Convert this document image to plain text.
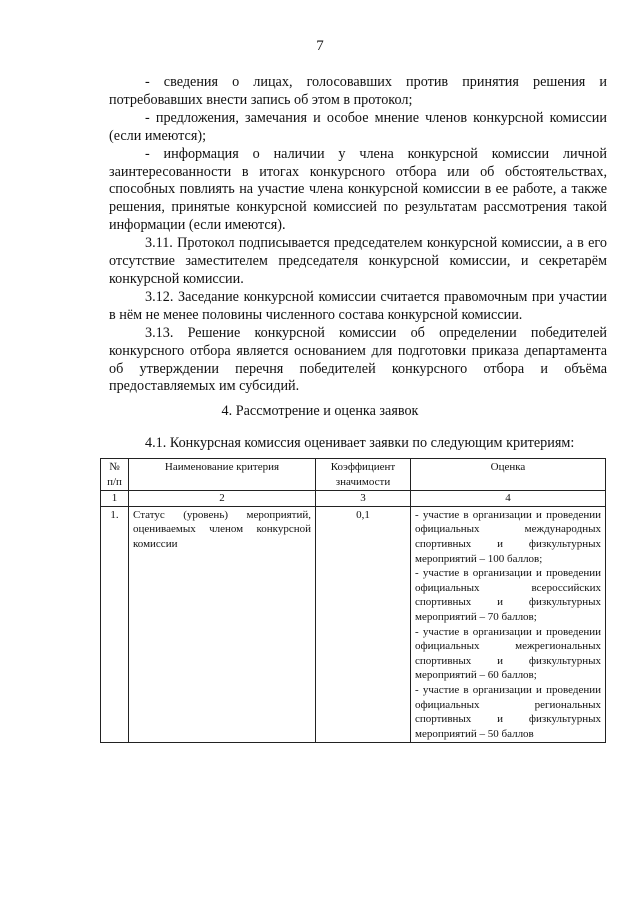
7

- сведения о лицах, голосовавших против принятия решения и потребовавших внести запись об этом в протокол;

- предложения, замечания и особое мнение членов конкурсной комиссии (если имеются);

- информация о наличии у члена конкурсной комиссии личной заинтересованности в итогах конкурсного отбора или об обстоятельствах, способных повлиять на участие члена конкурсной комиссии в ее работе, а также решения, принятые конкурсной комиссией по результатам рассмотрения такой информации (если имеются).

3.11. Протокол подписывается председателем конкурсной комиссии, а в его отсутствие заместителем председателя конкурсной комиссии, и секретарём конкурсной комиссии.

3.12. Заседание конкурсной комиссии считается правомочным при участии в нём не менее половины численного состава конкурсной комиссии.

3.13. Решение конкурсной комиссии об определении победителей конкурсного отбора является основанием для подготовки приказа департамента об утверждении перечня победителей конкурсного отбора и объёма предоставляемых им субсидий.

4. Рассмотрение и оценка заявок
4.1. Конкурсная комиссия оценивает заявки по следующим критериям:
№ п/п	Наименование критерия	Коэффициент значимости	Оценка
1	2	3	4
1.	Статус (уровень) мероприятий, оцениваемых членом конкурсной комиссии	0,1	- участие в организации и проведении официальных международных спортивных и физкультурных мероприятий – 100 баллов;
- участие в организации и проведении официальных всероссийских спортивных и физкультурных мероприятий – 70 баллов;
- участие в организации и проведении официальных межрегиональных спортивных и физкультурных мероприятий – 60 баллов;
- участие в организации и проведении официальных региональных спортивных и физкультурных мероприятий – 50 баллов
